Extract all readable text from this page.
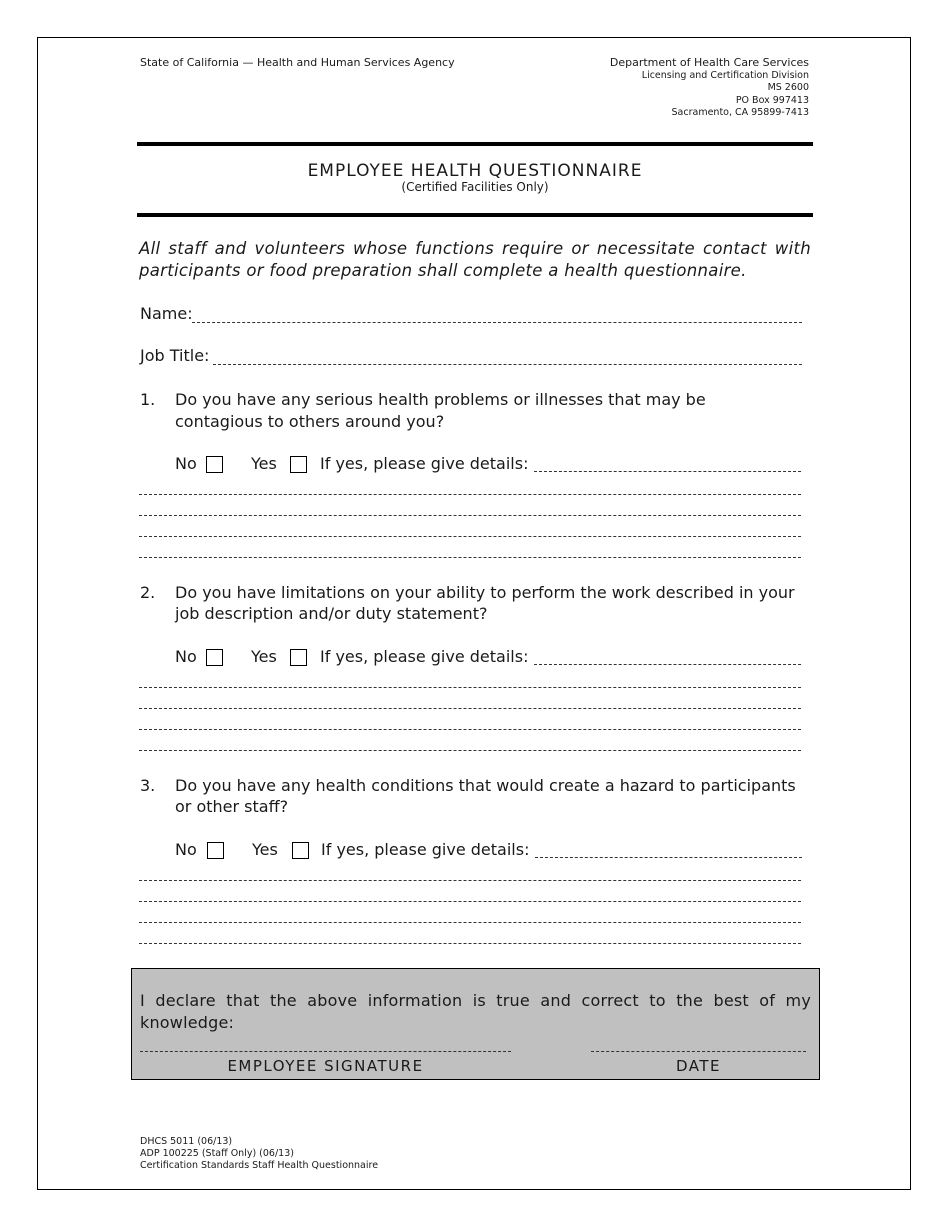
State of California — Health and Human Services Agency	Department of Health Care Services
Licensing and Certification Division
MS 2600
PO Box 997413
Sacramento, CA 95899-7413
EMPLOYEE HEALTH QUESTIONNAIRE
(Certified Facilities Only)
All staff and volunteers whose functions require or necessitate contact with participants or food preparation shall complete a health questionnaire.
Name:
Job Title:
1. Do you have any serious health problems or illnesses that may be
contagious to others around you?
No	Yes	If yes, please give details:
2. Do you have limitations on your ability to perform the work described in your
job description and/or duty statement?
No	Yes	If yes, please give details:
3. Do you have any health conditions that would create a hazard to participants
or other staff?
No	Yes	If yes, please give details:
I declare that the above information is true and correct to the best of my knowledge:
EMPLOYEE SIGNATURE	DATE
DHCS 5011 (06/13)
ADP 100225 (Staff Only) (06/13)
Certification Standards Staff Health Questionnaire
